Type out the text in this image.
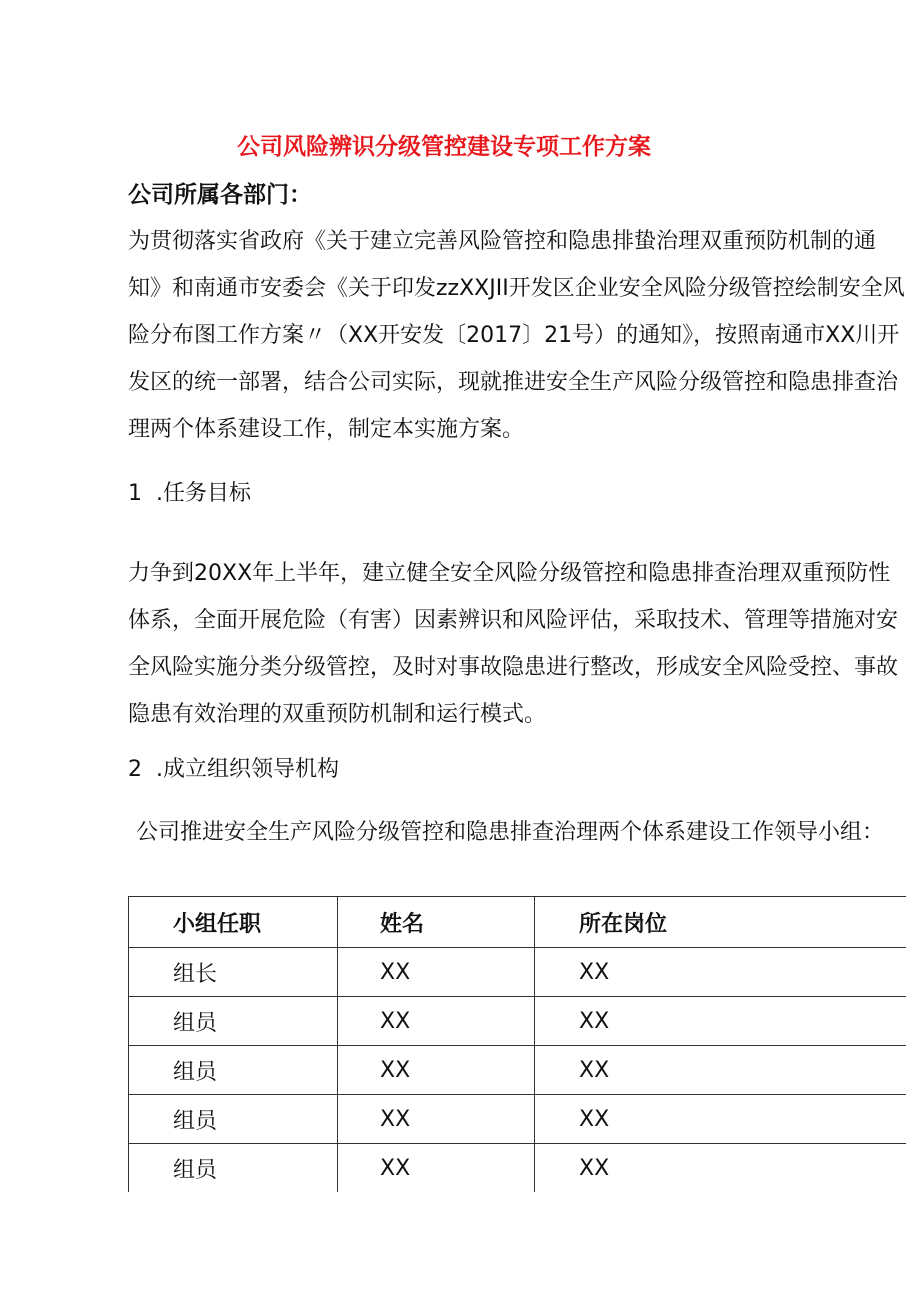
公司风险辨识分级管控建设专项工作方案
公司所属各部门：
为贯彻落实省政府《关于建立完善风险管控和隐患排蛰治理双重预防机制的通知》和南通市安委会《关于印发zzXXJII开发区企业安全风险分级管控绘制安全风险分布图工作方案〃（XX开安发〔2017〕21号）的通知》，按照南通市XX川开发区的统一部署，结合公司实际，现就推进安全生产风险分级管控和隐患排查治理两个体系建设工作，制定本实施方案。
1  .任务目标
力争到20XX年上半年，建立健全安全风险分级管控和隐患排查治理双重预防性体系，全面开展危险（有害）因素辨识和风险评估，采取技术、管理等措施对安全风险实施分类分级管控，及时对事故隐患进行整改，形成安全风险受控、事故隐患有效治理的双重预防机制和运行模式。
2  .成立组织领导机构
公司推进安全生产风险分级管控和隐患排查治理两个体系建设工作领导小组：
小组任职	姓名	所在岗位
组长	XX	XX
组员	XX	XX
组员	XX	XX
组员	XX	XX
组员	XX	XX
